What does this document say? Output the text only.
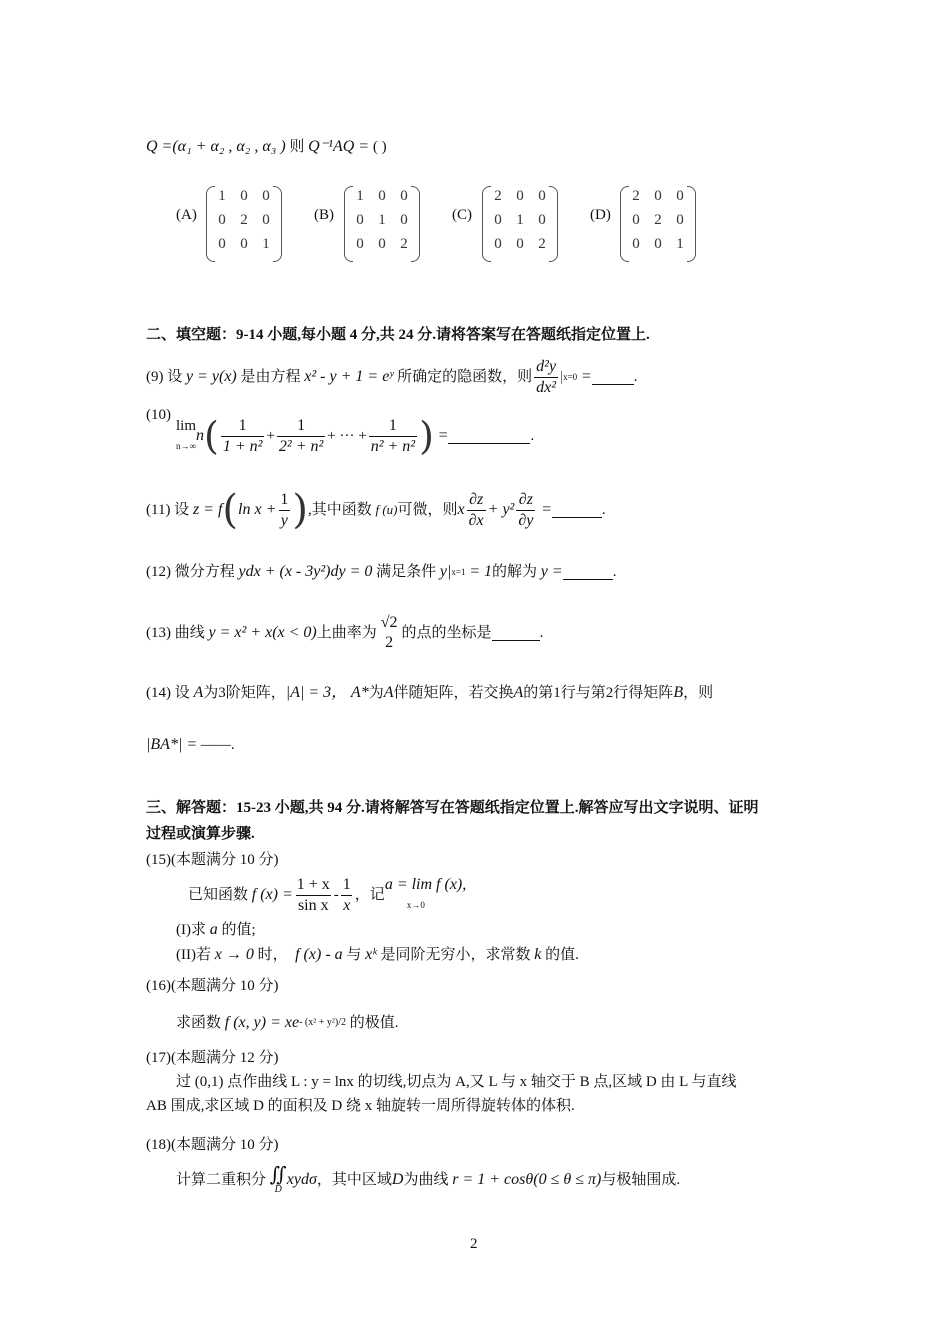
Q =(α₁ + α₂ , α₂ , α₃ ) 则 Q⁻¹AQ = ( )
(A)
1 0 0
0 2 0
0 0 1
(B)
1 0 0
0 1 0
0 0 2
(C)
2 0 0
0 1 0
0 0 2
(D)
2 0 0
0 2 0
0 0 1
二、填空题：9-14 小题,每小题 4 分,共 24 分.请将答案写在答题纸指定位置上.
(9) 设
y = y(x)
是由方程
x² - y + 1 = eʸ
所确定的隐函数，则 $\frac{\text{d²y}}{\text{dx²}}$ | x=0
=	.
(10)
lim
n→∞
n ( $\frac{1}{\text{1 + n²}} + \frac{1}{\text{2² + n²}}$ + ··· + $\frac{1}{\text{n² + n²}}$ )
=	.
(11) 设
z = f ( $\ln x + \frac{1}{y}$ ) ,其中函数
f (u) 可微，则 x $\frac{\partial z}{\partial x} + y^2 \frac{\partial z}{\partial y}$
=	.
(12) 微分方程
ydx + (x - 3y²)dy = 0
满足条件
y| x=1
= 1 的解为
y =	.
(13) 曲线
y = x² + x(x < 0) 上曲率为
√2
2
的点的坐标是	.
(14) 设
A 为3阶矩阵， |A| = 3，
A* 为 A 伴随矩阵，若交换 A 的第1行与第2行得矩阵 B ，则
|BA*| = ——.
三、解答题：15-23 小题,共 94 分.请将解答写在答题纸指定位置上.解答应写出文字说明、证明
过程或演算步骤.
(15)(本题满分 10 分)
已知函数
f $(x) = \frac{1 + x}{\text{sin x}} - \frac{1}{x}$ ，记
a = lim f (x),
x→0
(I)求 a 的值;
(II)若 x → 0 时， f (x) - a 与 xᵏ 是同阶无穷小，求常数 k 的值.
(16)(本题满分 10 分)
求函数
f (x, y) = xe - (x² + y²)/2
的极值.
(17)(本题满分 12 分)
过 (0,1) 点作曲线 L : y = lnx 的切线,切点为 A,又 L 与 x 轴交于 B 点,区域 D 由 L 与直线
AB 围成,求区域 D 的面积及 D 绕 x 轴旋转一周所得旋转体的体积.
(18)(本题满分 10 分)
计算二重积分
∬
D
xydσ ，其中区域 D 为曲线
r = 1 + cosθ(0 ≤ θ ≤ π) 与极轴围成.
2
